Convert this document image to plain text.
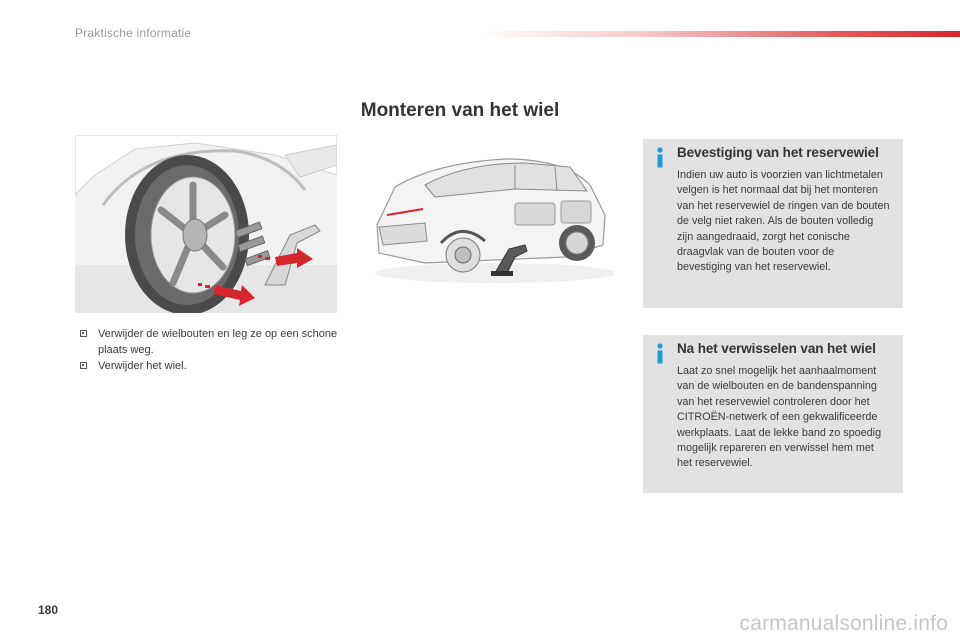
Praktische informatie
Monteren van het wiel
Verwijder de wielbouten en leg ze op een schone plaats weg.
Verwijder het wiel.
Bevestiging van het reservewiel

Indien uw auto is voorzien van lichtmetalen velgen is het normaal dat bij het monteren van het reservewiel de ringen van de bouten de velg niet raken. Als de bouten volledig zijn aangedraaid, zorgt het conische draagvlak van de bouten voor de bevestiging van het reservewiel.

Na het verwisselen van het wiel

Laat zo snel mogelijk het aanhaalmoment van de wielbouten en de bandenspanning van het reservewiel controleren door het CITROËN-netwerk of een gekwalificeerde werkplaats. Laat de lekke band zo spoedig mogelijk repareren en verwissel hem met het reservewiel.

180
carmanualsonline.info
